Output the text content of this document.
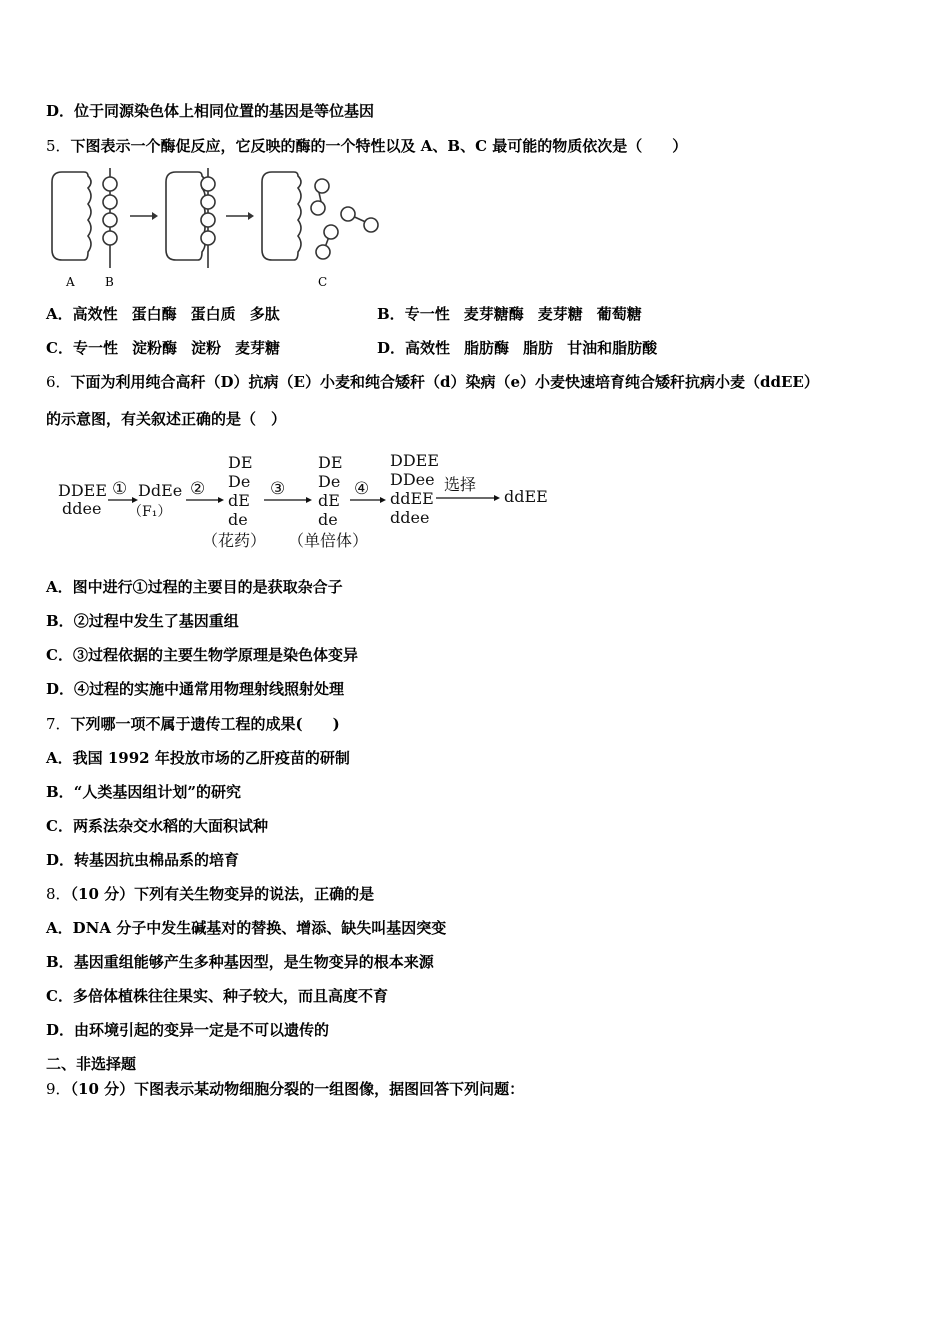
D．位于同源染色体上相同位置的基因是等位基因
5．下图表示一个酶促反应，它反映的酶的一个特性以及 A、B、C 最可能的物质依次是（　　）
A	B	C
A．高效性 蛋白酶 蛋白质 多肽	B．专一性 麦芽糖酶 麦芽糖 葡萄糖
C．专一性 淀粉酶 淀粉 麦芽糖	D．高效性 脂肪酶 脂肪 甘油和脂肪酸
6．下面为利用纯合高秆（D）抗病（E）小麦和纯合矮秆（d）染病（e）小麦快速培育纯合矮秆抗病小麦（ddEE）
的示意图，有关叙述正确的是（　）
DDEE
ddee
① DdEe
（F₁）
②
DE
De
dE
de
（花药）
③
DE
De
dE
de
（单倍体）
④
DDEE
DDee
ddEE
ddee
选择
ddEE
A．图中进行①过程的主要目的是获取杂合子
B．②过程中发生了基因重组
C．③过程依据的主要生物学原理是染色体变异
D．④过程的实施中通常用物理射线照射处理
7．下列哪一项不属于遗传工程的成果(　　)
A．我国 1992 年投放市场的乙肝疫苗的研制
B．“人类基因组计划”的研究
C．两系法杂交水稻的大面积试种
D．转基因抗虫棉品系的培育
8．（10 分）下列有关生物变异的说法，正确的是
A．DNA 分子中发生碱基对的替换、增添、缺失叫基因突变
B．基因重组能够产生多种基因型，是生物变异的根本来源
C．多倍体植株往往果实、种子较大，而且高度不育
D．由环境引起的变异一定是不可以遗传的
二、非选择题
9．（10 分）下图表示某动物细胞分裂的一组图像，据图回答下列问题：
